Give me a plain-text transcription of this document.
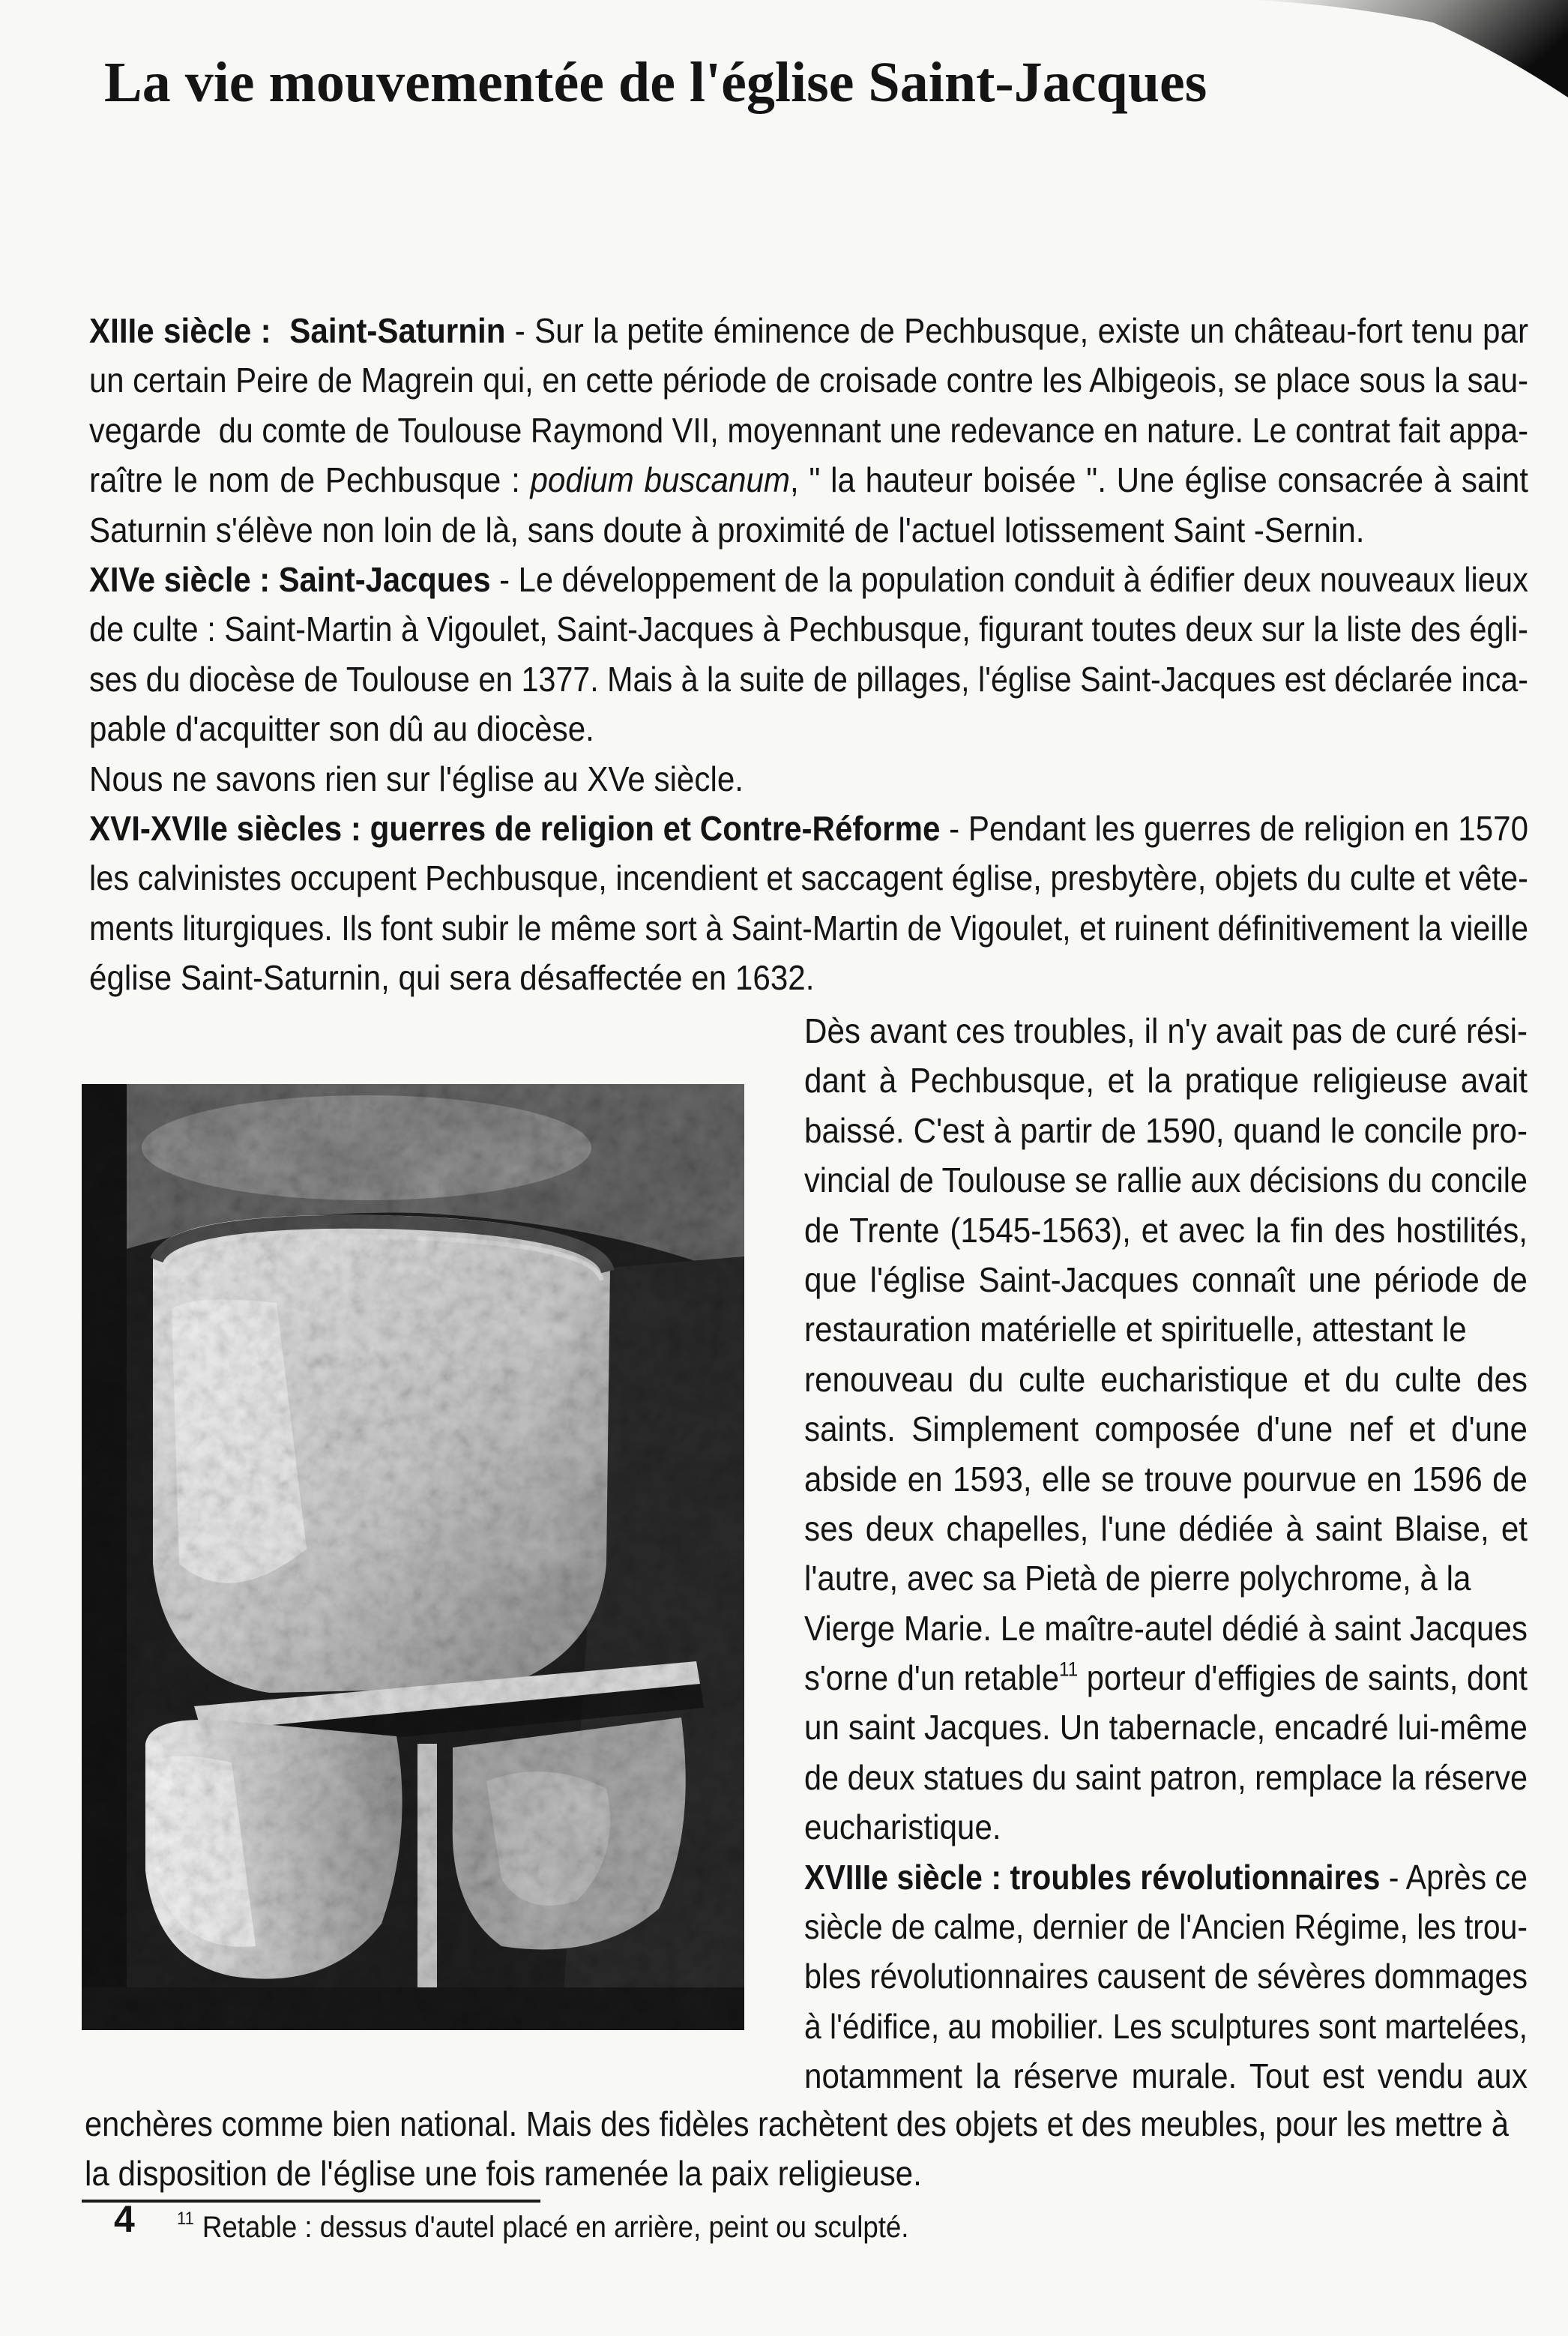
La vie mouvementée de l'église Saint-Jacques
XIIIe siècle :  Saint-Saturnin - Sur la petite éminence de Pechbusque, existe un château-fort tenu par
un certain Peire de Magrein qui, en cette période de croisade contre les Albigeois, se place sous la sau-
vegarde  du comte de Toulouse Raymond VII, moyennant une redevance en nature. Le contrat fait appa-
raître le nom de Pechbusque : podium buscanum, " la hauteur boisée ". Une église consacrée à saint
Saturnin s'élève non loin de là, sans doute à proximité de l'actuel lotissement Saint -Sernin.
XIVe siècle : Saint-Jacques - Le développement de la population conduit à édifier deux nouveaux lieux
de culte : Saint-Martin à Vigoulet, Saint-Jacques à Pechbusque, figurant toutes deux sur la liste des égli-
ses du diocèse de Toulouse en 1377. Mais à la suite de pillages, l'église Saint-Jacques est déclarée inca-
pable d'acquitter son dû au diocèse.
Nous ne savons rien sur l'église au XVe siècle.
XVI-XVIIe siècles : guerres de religion et Contre-Réforme - Pendant les guerres de religion en 1570
les calvinistes occupent Pechbusque, incendient et saccagent église, presbytère, objets du culte et vête-
ments liturgiques. Ils font subir le même sort à Saint-Martin de Vigoulet, et ruinent définitivement la vieille
église Saint-Saturnin, qui sera désaffectée en 1632.
Dès avant ces troubles, il n'y avait pas de curé rési-
dant à Pechbusque, et la pratique religieuse avait
baissé. C'est à partir de 1590, quand le concile pro-
vincial de Toulouse se rallie aux décisions du concile
de Trente (1545-1563), et avec la fin des hostilités,
que l'église Saint-Jacques connaît une période de
restauration matérielle et spirituelle, attestant le
renouveau du culte eucharistique et du culte des
saints. Simplement composée d'une nef et d'une
abside en 1593, elle se trouve pourvue en 1596 de
ses deux chapelles, l'une dédiée à saint Blaise, et
l'autre, avec sa Pietà de pierre polychrome, à la
Vierge Marie. Le maître-autel dédié à saint Jacques
s'orne d'un retable$^{11}$ porteur d'effigies de saints, dont
un saint Jacques. Un tabernacle, encadré lui-même
de deux statues du saint patron, remplace la réserve
eucharistique.
XVIIIe siècle : troubles révolutionnaires - Après ce
siècle de calme, dernier de l'Ancien Régime, les trou-
bles révolutionnaires causent de sévères dommages
à l'édifice, au mobilier. Les sculptures sont martelées,
notamment la réserve murale. Tout est vendu aux
enchères comme bien national. Mais des fidèles rachètent des objets et des meubles, pour les mettre à
la disposition de l'église une fois ramenée la paix religieuse.
4 $^{11}$ Retable : dessus d'autel placé en arrière, peint ou sculpté.
